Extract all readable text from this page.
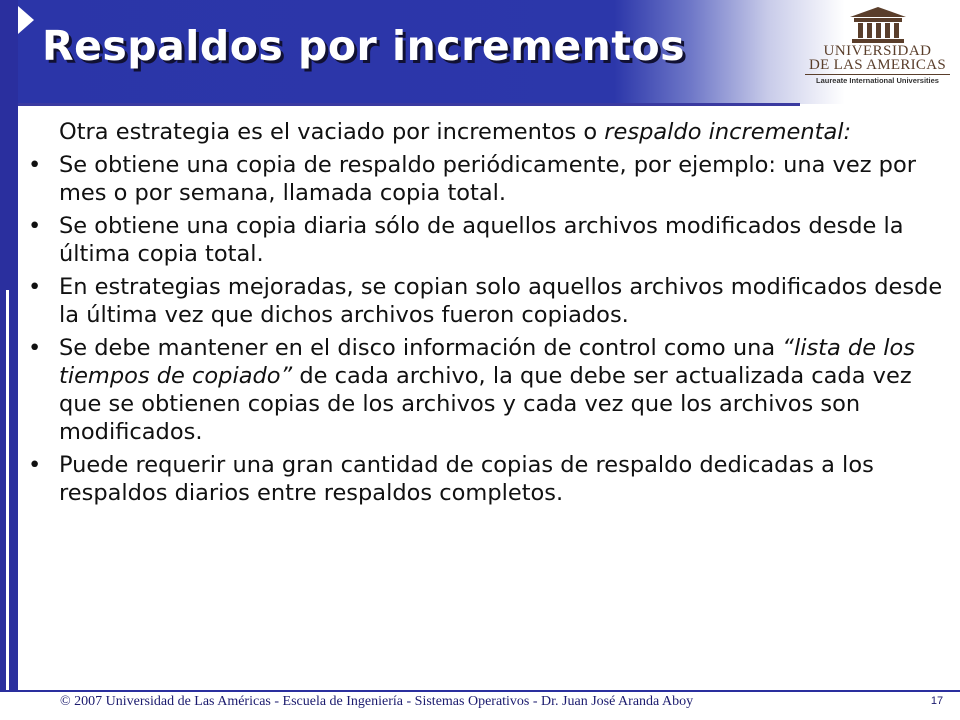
Respaldos por incrementos	UNIVERSIDAD
DE LAS AMERICAS
Laureate International Universities

Otra estrategia es el vaciado por incrementos o respaldo incremental:

• Se obtiene una copia de respaldo periódicamente, por ejemplo: una vez por mes o por semana, llamada copia total.
• Se obtiene una copia diaria sólo de aquellos archivos modificados desde la última copia total.
• En estrategias mejoradas, se copian solo aquellos archivos modificados desde la última vez que dichos archivos fueron copiados.
• Se debe mantener en el disco información de control como una “lista de los tiempos de copiado” de cada archivo, la que debe ser actualizada cada vez que se obtienen copias de los archivos y cada vez que los archivos son modificados.
• Puede requerir una gran cantidad de copias de respaldo dedicadas a los respaldos diarios entre respaldos completos.
© 2007 Universidad de Las Américas - Escuela de Ingeniería - Sistemas Operativos - Dr. Juan José Aranda Aboy	17
